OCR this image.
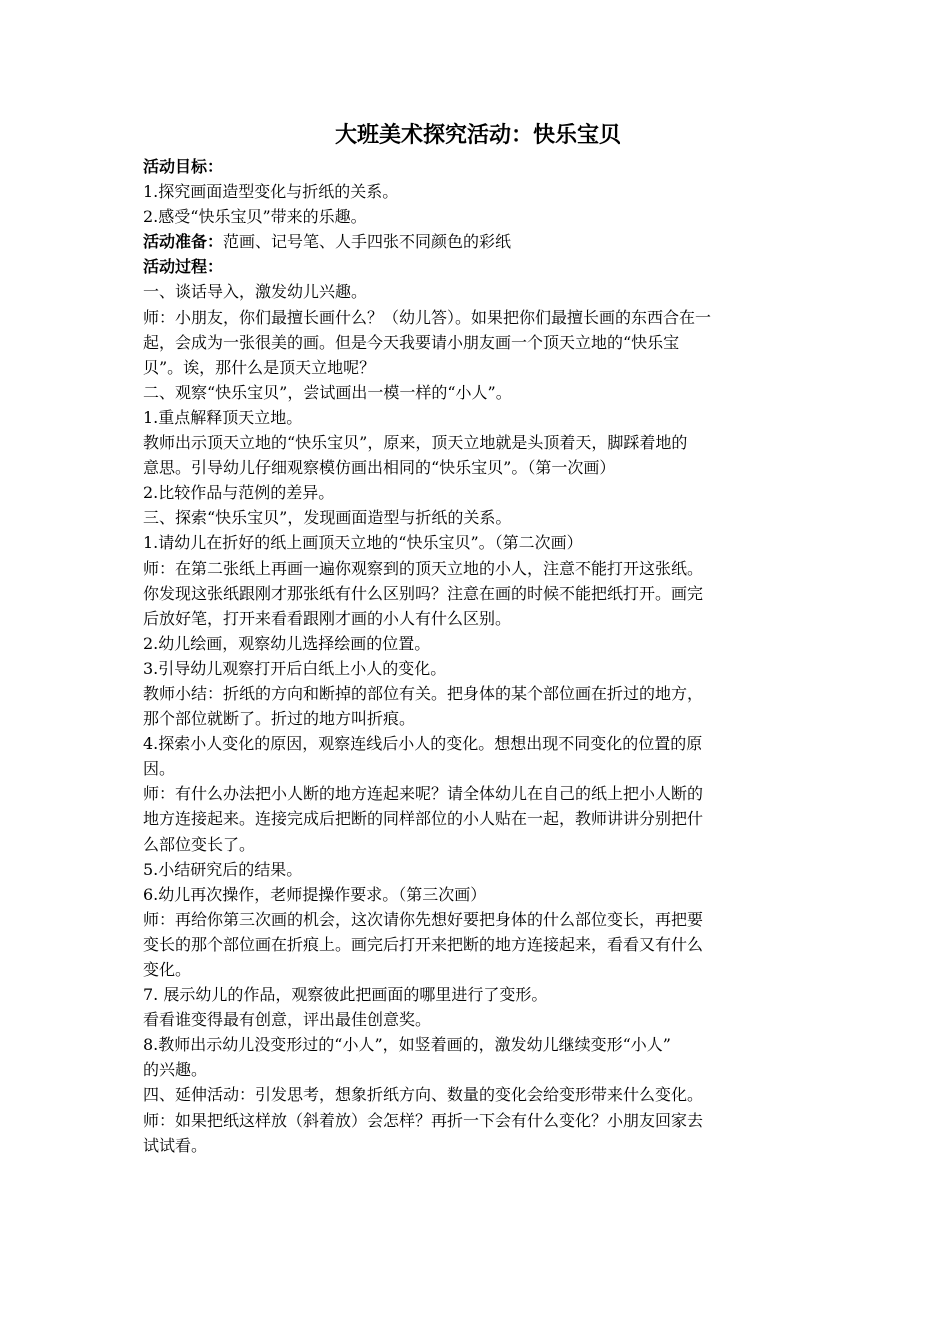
大班美术探究活动：快乐宝贝

活动目标：

1.探究画面造型变化与折纸的关系。

2.感受“快乐宝贝”带来的乐趣。

活动准备：范画、记号笔、人手四张不同颜色的彩纸

活动过程：

一、谈话导入，激发幼儿兴趣。

师：小朋友，你们最擅长画什么？（幼儿答）。如果把你们最擅长画的东西合在一

起，会成为一张很美的画。但是今天我要请小朋友画一个顶天立地的“快乐宝

贝”。诶，那什么是顶天立地呢？

二、观察“快乐宝贝”，尝试画出一模一样的“小人”。

1.重点解释顶天立地。

教师出示顶天立地的“快乐宝贝”，原来，顶天立地就是头顶着天，脚踩着地的

意思。引导幼儿仔细观察模仿画出相同的“快乐宝贝”。（第一次画）

2.比较作品与范例的差异。

三、探索“快乐宝贝”，发现画面造型与折纸的关系。

1.请幼儿在折好的纸上画顶天立地的“快乐宝贝”。（第二次画）

师：在第二张纸上再画一遍你观察到的顶天立地的小人，注意不能打开这张纸。

你发现这张纸跟刚才那张纸有什么区别吗？注意在画的时候不能把纸打开。画完

后放好笔，打开来看看跟刚才画的小人有什么区别。

2.幼儿绘画，观察幼儿选择绘画的位置。

3.引导幼儿观察打开后白纸上小人的变化。

教师小结：折纸的方向和断掉的部位有关。把身体的某个部位画在折过的地方，

那个部位就断了。折过的地方叫折痕。

4.探索小人变化的原因，观察连线后小人的变化。想想出现不同变化的位置的原

因。

师：有什么办法把小人断的地方连起来呢？请全体幼儿在自己的纸上把小人断的

地方连接起来。连接完成后把断的同样部位的小人贴在一起，教师讲讲分别把什

么部位变长了。

5.小结研究后的结果。

6.幼儿再次操作，老师提操作要求。（第三次画）

师：再给你第三次画的机会，这次请你先想好要把身体的什么部位变长，再把要

变长的那个部位画在折痕上。画完后打开来把断的地方连接起来，看看又有什么

变化。

7. 展示幼儿的作品，观察彼此把画面的哪里进行了变形。

看看谁变得最有创意，评出最佳创意奖。

8.教师出示幼儿没变形过的“小人”，如竖着画的，激发幼儿继续变形“小人”

的兴趣。

四、延伸活动：引发思考，想象折纸方向、数量的变化会给变形带来什么变化。

师：如果把纸这样放（斜着放）会怎样？再折一下会有什么变化？小朋友回家去

试试看。
